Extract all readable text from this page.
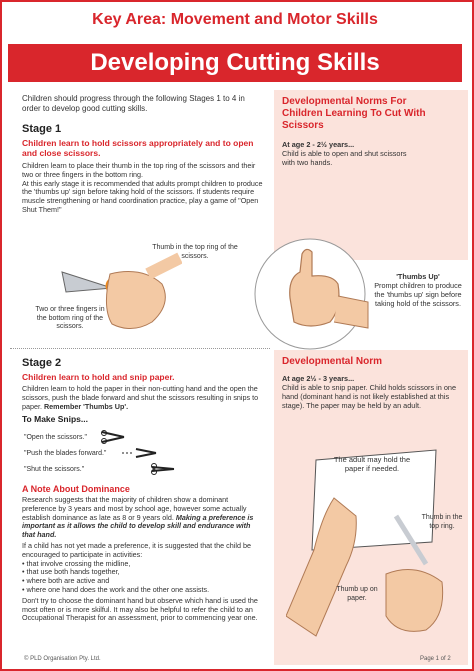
Key Area: Movement and Motor Skills
Developing Cutting Skills
Developmental Norms For Children Learning To Cut With Scissors
At age 2 - 2½ years...
Child is able to open and shut scissors with two hands.
Developmental Norm
At age 2½ - 3 years...
Child is able to snip paper. Child holds scissors in one hand (dominant hand is not likely established at this stage). The paper may be held by an adult.
Children should progress through the following Stages 1 to 4 in order to develop good cutting skills.
Stage 1
Children learn to hold scissors appropriately and to open and close scissors.
Children learn to place their thumb in the top ring of the scissors and their two or three fingers in the bottom ring.
At this early stage it is recommended that adults prompt children to produce the 'thumbs up' sign before taking hold of the scissors. If students require muscle strengthening or hand coordination practice, play a game of "Open Shut Them!"
Thumb in the top ring of the scissors.
Two or three fingers in the bottom ring of the scissors.
'Thumbs Up'
Prompt children to produce the 'thumbs up' sign before taking hold of the scissors.
Stage 2
Children learn to hold and snip paper.
Children learn to hold the paper in their non-cutting hand and the open the scissors, push the blade forward and shut the scissors resulting in snips to paper. Remember 'Thumbs Up'.
To Make Snips...
"Open the scissors."
"Push the blades forward."
"Shut the scissors."
A Note About Dominance
Research suggests that the majority of children show a dominant preference by 3 years and most by school age, however some actually establish dominance as late as 8 or 9 years old. Making a preference is important as it allows the child to develop skill and endurance with that hand.
If a child has not yet made a preference, it is suggested that the child be encouraged to participate in activities:
• that involve crossing the midline,
• that use both hands together,
• where both are active and
• where one hand does the work and the other one assists.
Don't try to choose the dominant hand but observe which hand is used the most often or is more skilful. It may also be helpful to refer the child to an Occupational Therapist for an assessment, prior to commencing year one.
The adult may hold the paper if needed.
Thumb in the top ring.
Thumb up on paper.
© PLD Organisation Pty. Ltd.	Page 1 of 2
